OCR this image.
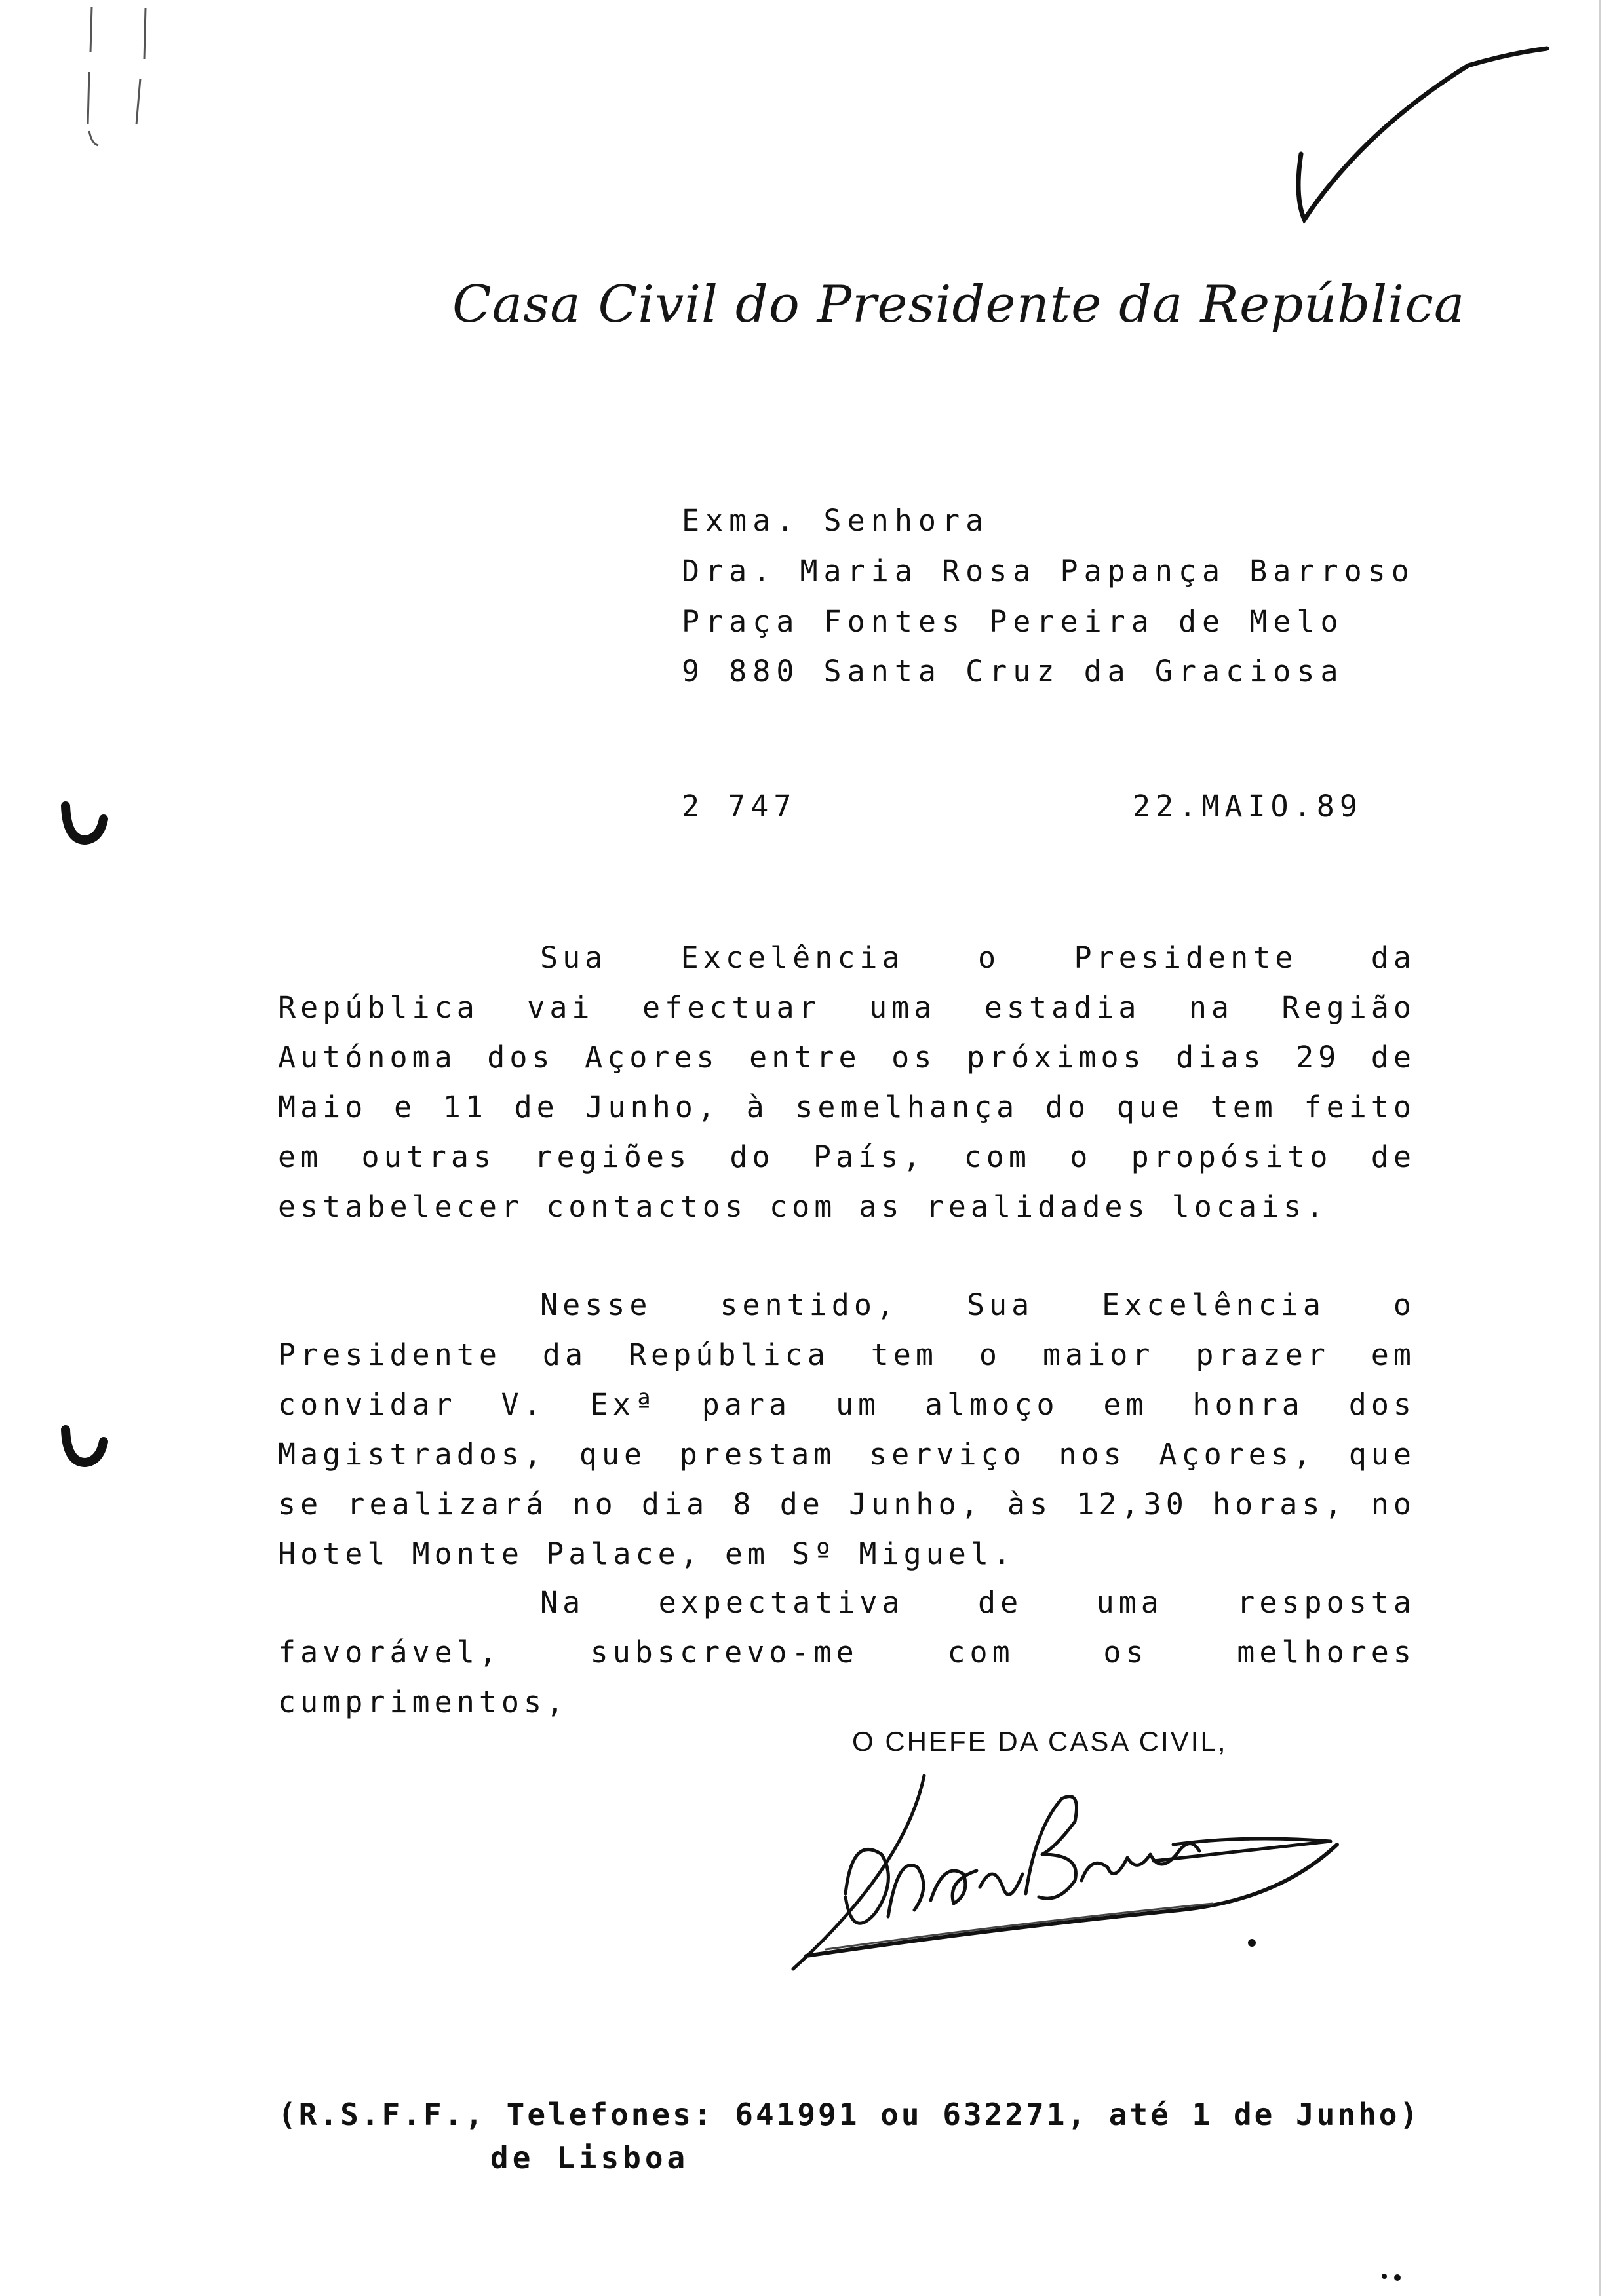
Casa Civil do Presidente da República
Exma. Senhora
Dra. Maria Rosa Papança Barroso
Praça Fontes Pereira de Melo
9 880 Santa Cruz da Graciosa
2 747	22.MAIO.89

Sua Excelência o Presidente da República vai efectuar uma estadia na Região Autónoma dos Açores entre os próximos dias 29 de Maio e 11 de Junho, à semelhança do que tem feito em outras regiões do País, com o propósito de estabelecer contactos com as realidades locais.

Nesse sentido, Sua Excelência o Presidente da República tem o maior prazer em convidar V. Exª para um almoço em honra dos Magistrados, que prestam serviço nos Açores, que se realizará no dia 8 de Junho, às 12,30 horas, no Hotel Monte Palace, em Sº Miguel.

Na expectativa de uma resposta favorável, subscrevo-me com os melhores cumprimentos,

O CHEFE DA CASA CIVIL,
(R.S.F.F., Telefones: 641991 ou 632271, até 1 de Junho)
de Lisboa
